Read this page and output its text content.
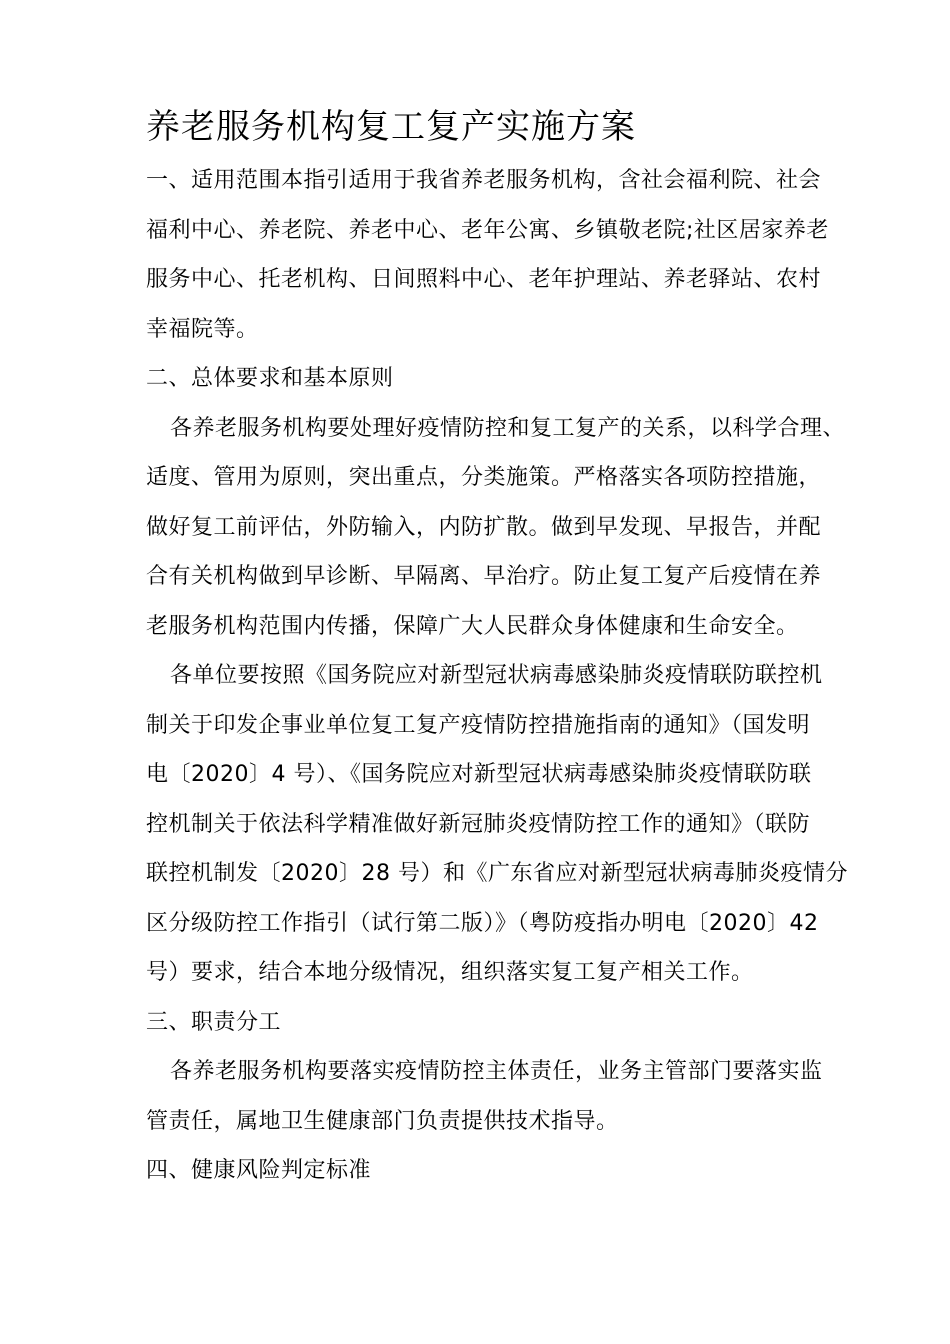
养老服务机构复工复产实施方案

一、适用范围本指引适用于我省养老服务机构，含社会福利院、社会
福利中心、养老院、养老中心、老年公寓、乡镇敬老院;社区居家养老
服务中心、托老机构、日间照料中心、老年护理站、养老驿站、农村
幸福院等。

二、总体要求和基本原则

各养老服务机构要处理好疫情防控和复工复产的关系，以科学合理、
适度、管用为原则，突出重点，分类施策。严格落实各项防控措施，
做好复工前评估，外防输入，内防扩散。做到早发现、早报告，并配
合有关机构做到早诊断、早隔离、早治疗。防止复工复产后疫情在养
老服务机构范围内传播，保障广大人民群众身体健康和生命安全。

各单位要按照《国务院应对新型冠状病毒感染肺炎疫情联防联控机
制关于印发企事业单位复工复产疫情防控措施指南的通知》（国发明
电〔2020〕4 号）、《国务院应对新型冠状病毒感染肺炎疫情联防联
控机制关于依法科学精准做好新冠肺炎疫情防控工作的通知》（联防
联控机制发〔2020〕28 号）和《广东省应对新型冠状病毒肺炎疫情分
区分级防控工作指引（试行第二版）》（粤防疫指办明电〔2020〕42
号）要求，结合本地分级情况，组织落实复工复产相关工作。

三、职责分工

各养老服务机构要落实疫情防控主体责任，业务主管部门要落实监
管责任，属地卫生健康部门负责提供技术指导。

四、健康风险判定标准
